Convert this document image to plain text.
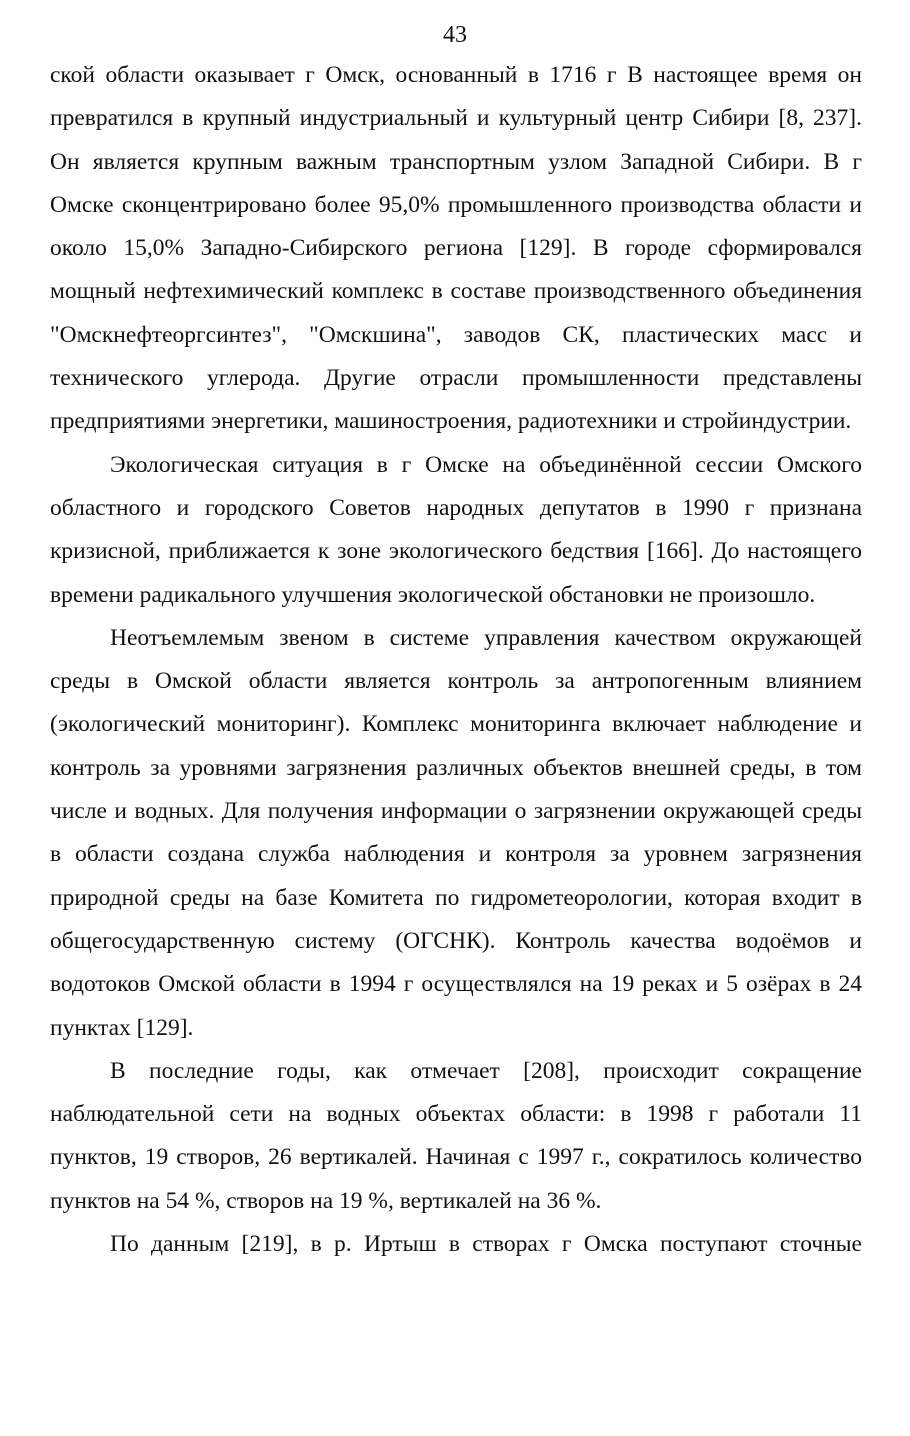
43

ской области оказывает г Омск, основанный в 1716 г В настоящее время он превратился в крупный индустриальный и культурный центр Сибири [8, 237]. Он является крупным важным транспортным узлом Западной Сибири. В г Омске сконцентрировано более 95,0% промышленного производства области и около 15,0% Западно-Сибирского региона [129]. В городе сформировался мощный нефтехимический комплекс в составе производственного объединения "Омскнефтеоргсинтез", "Омскшина", заводов СК, пластических масс и технического углерода. Другие отрасли промышленности представлены предприятиями энергетики, машиностроения, радиотехники и стройиндустрии.

Экологическая ситуация в г Омске на объединённой сессии Омского областного и городского Советов народных депутатов в 1990 г признана кризисной, приближается к зоне экологического бедствия [166]. До настоящего времени радикального улучшения экологической обстановки не произошло.

Неотъемлемым звеном в системе управления качеством окружающей среды в Омской области является контроль за антропогенным влиянием (экологический мониторинг). Комплекс мониторинга включает наблюдение и контроль за уровнями загрязнения различных объектов внешней среды, в том числе и водных. Для получения информации о загрязнении окружающей среды в области создана служба наблюдения и контроля за уровнем загрязнения природной среды на базе Комитета по гидрометеорологии, которая входит в общегосударственную систему (ОГСНК). Контроль качества водоёмов и водотоков Омской области в 1994 г осуществлялся на 19 реках и 5 озёрах в 24 пунктах [129].

В последние годы, как отмечает [208], происходит сокращение наблюдательной сети на водных объектах области: в 1998 г работали 11 пунктов, 19 створов, 26 вертикалей. Начиная с 1997 г., сократилось количество пунктов на 54 %, створов на 19 %, вертикалей на 36 %.

По данным [219], в р. Иртыш в створах г Омска поступают сточные
